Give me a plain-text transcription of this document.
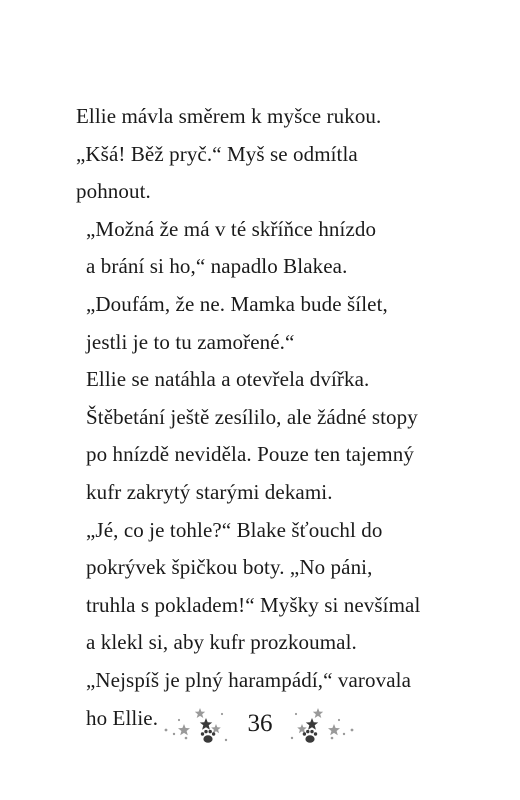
Ellie mávla směrem k myšce rukou.
„Kšá! Běž pryč.“ Myš se odmítla
pohnout.

„Možná že má v té skříňce hnízdo
a brání si ho,“ napadlo Blakea.

„Doufám, že ne. Mamka bude šílet,
jestli je to tu zamořené.“

Ellie se natáhla a otevřela dvířka.
Štěbetání ještě zesílilo, ale žádné stopy
po hnízdě neviděla. Pouze ten tajemný
kufr zakrytý starými dekami.

„Jé, co je tohle?“ Blake šťouchl do
pokrývek špičkou boty. „No páni,
truhla s pokladem!“ Myšky si nevšímal
a klekl si, aby kufr prozkoumal.

„Nejspíš je plný harampádí,“ varovala
ho Ellie.	36
